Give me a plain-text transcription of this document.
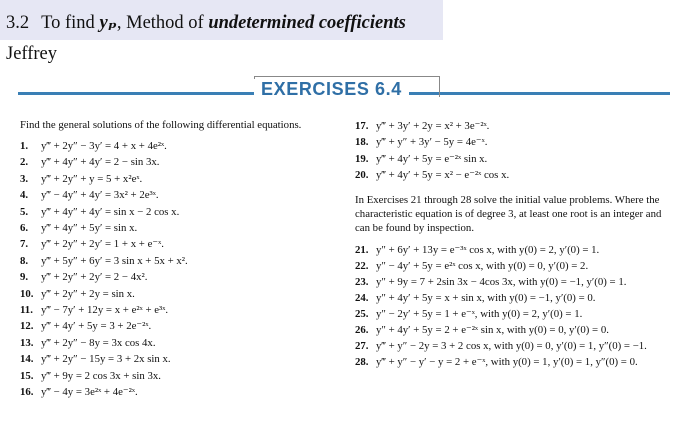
3.2 To find yₚ, Method of undetermined coefficients
Jeffrey
EXERCISES 6.4
Find the general solutions of the following differential equations.
1. y‴ + 2y″ − 3y′ = 4 + x + 4e²ˣ.
2. y‴ + 4y″ + 4y′ = 2 − sin 3x.
3. y‴ + 2y″ + y = 5 + x²eˣ.
4. y‴ − 4y″ + 4y′ = 3x² + 2e³ˣ.
5. y‴ + 4y″ + 4y′ = sin x − 2 cos x.
6. y‴ + 4y″ + 5y′ = sin x.
7. y‴ + 2y″ + 2y′ = 1 + x + e⁻ˣ.
8. y‴ + 5y″ + 6y′ = 3 sin x + 5x + x².
9. y‴ + 2y″ + 2y′ = 2 − 4x².
10. y‴ + 2y″ + 2y = sin x.
11. y‴ − 7y′ + 12y = x + e²ˣ + e³ˣ.
12. y‴ + 4y′ + 5y = 3 + 2e⁻²ˣ.
13. y‴ + 2y″ − 8y = 3x cos 4x.
14. y‴ + 2y″ − 15y = 3 + 2x sin x.
15. y‴ + 9y = 2 cos 3x + sin 3x.
16. y‴ − 4y = 3e²ˣ + 4e⁻²ˣ.
17. y‴ + 3y′ + 2y = x² + 3e⁻²ˣ.
18. y‴ + y″ + 3y′ − 5y = 4e⁻ˣ.
19. y‴ + 4y′ + 5y = e⁻²ˣ sin x.
20. y‴ + 4y′ + 5y = x² − e⁻²ˣ cos x.
In Exercises 21 through 28 solve the initial value problems. Where the characteristic equation is of degree 3, at least one root is an integer and can be found by inspection.
21. y″ + 6y′ + 13y = e⁻³ˣ cos x, with y(0) = 2, y′(0) = 1.
22. y″ − 4y′ + 5y = e²ˣ cos x, with y(0) = 0, y′(0) = 2.
23. y″ + 9y = 7 + 2sin 3x − 4cos 3x, with y(0) = −1, y′(0) = 1.
24. y″ + 4y′ + 5y = x + sin x, with y(0) = −1, y′(0) = 0.
25. y″ − 2y′ + 5y = 1 + e⁻ˣ, with y(0) = 2, y′(0) = 1.
26. y″ + 4y′ + 5y = 2 + e⁻²ˣ sin x, with y(0) = 0, y′(0) = 0.
27. y‴ + y″ − 2y = 3 + 2 cos x, with y(0) = 0, y′(0) = 1, y″(0) = −1.
28. y‴ + y″ − y′ − y = 2 + e⁻ˣ, with y(0) = 1, y′(0) = 1, y″(0) = 0.
